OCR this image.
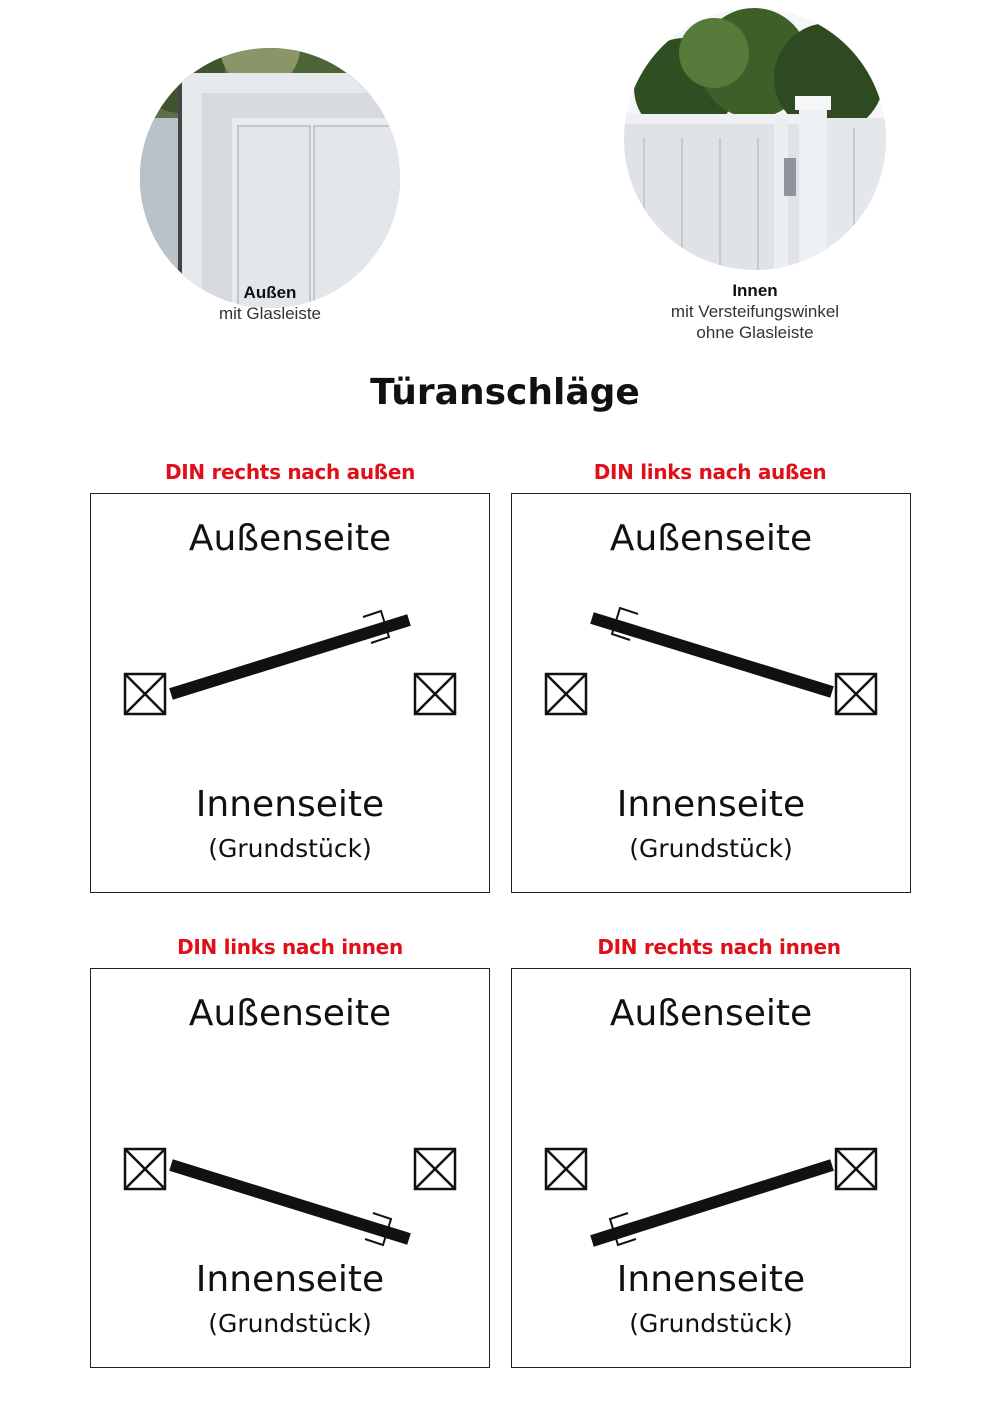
Außen
mit Glasleiste
Innen
mit Versteifungswinkel
ohne Glasleiste
Türanschläge
DIN rechts nach außen
Außenseite
Innenseite
(Grundstück)
DIN links nach außen
Außenseite
Innenseite
(Grundstück)
DIN links nach innen
Außenseite
Innenseite
(Grundstück)
DIN rechts nach innen
Außenseite
Innenseite
(Grundstück)
